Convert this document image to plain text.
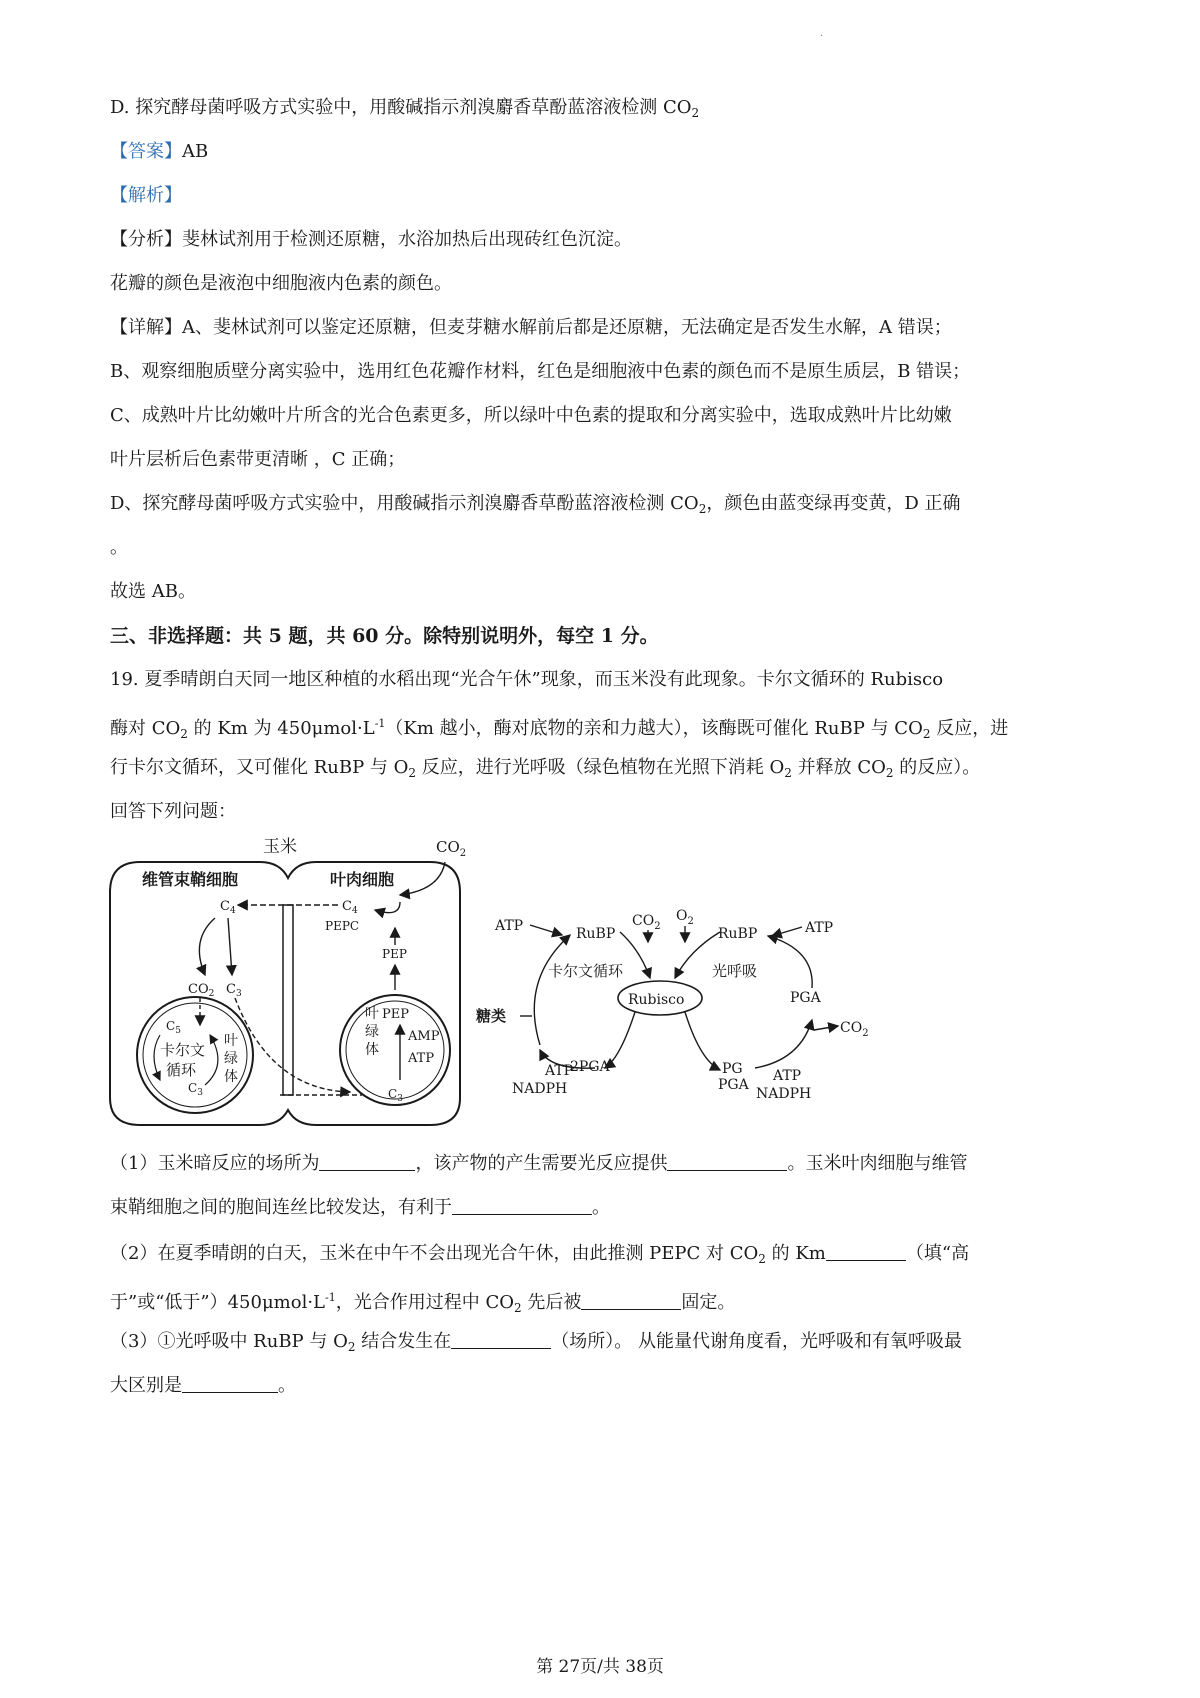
.
D. 探究酵母菌呼吸方式实验中，用酸碱指示剂溴麝香草酚蓝溶液检测 $CO_2$
【答案】AB
【解析】
【分析】斐林试剂用于检测还原糖，水浴加热后出现砖红色沉淀。
花瓣的颜色是液泡中细胞液内色素的颜色。
【详解】A、斐林试剂可以鉴定还原糖，但麦芽糖水解前后都是还原糖，无法确定是否发生水解，A 错误；
B、观察细胞质壁分离实验中，选用红色花瓣作材料，红色是细胞液中色素的颜色而不是原生质层，B 错误；
C、成熟叶片比幼嫩叶片所含的光合色素更多，所以绿叶中色素的提取和分离实验中，选取成熟叶片比幼嫩
叶片层析后色素带更清晰 ，C 正确；
D、探究酵母菌呼吸方式实验中，用酸碱指示剂溴麝香草酚蓝溶液检测 $CO_2$，颜色由蓝变绿再变黄，D 正确
。
故选 AB。
三、非选择题：共 5 题，共 60 分。除特别说明外，每空 1 分。
19. 夏季晴朗白天同一地区种植的水稻出现“光合午休”现象，而玉米没有此现象。卡尔文循环的 Rubisco
酶对 $CO_2$ 的 Km 为 $450\mu mol\cdot L^{-1}(Km$ 越小，酶对底物的亲和力越大），该酶既可催化 RuBP 与 $CO_2$ 反应，进
行卡尔文循环，又可催化 RuBP 与 $O_2$ 反应，进行光呼吸（绿色植物在光照下消耗 $O_2$ 并释放 $CO_2$ 的反应）。
回答下列问题：
玉米	$CO_2$
维管束鞘细胞	叶肉细胞
$C_4$	$C_4$
PEPC
PEP
$CO_2$ $C_3$
$C_5$
卡尔文
循环
$C_3$
叶
绿
体
叶
绿
体
PEP
AMP
ATP
$C_3$
ATP	RuBP
$CO_2$
$O_2$
RuBP	ATP
卡尔文循环	光呼吸
Rubisco	PGA
糖类
$CO_2$
ATP
NADPH
2PGA	PG
PGA
ATP
NADPH
（1）玉米暗反应的场所为	，该产物的产生需要光反应提供	。玉米叶肉细胞与维管
束鞘细胞之间的胞间连丝比较发达，有利于	。
（2）在夏季晴朗的白天，玉米在中午不会出现光合午休，由此推测 PEPC 对 $CO_2$ 的 Km	（填“高
于”或“低于$”)450\mu mol\cdot L^{-1}$，光合作用过程中 $CO_2$ 先后被	固定。
（3）①光呼吸中 RuBP 与 $O_2$ 结合发生在	（场所）。 从能量代谢角度看，光呼吸和有氧呼吸最
大区别是	。
第 27页/共 38页
